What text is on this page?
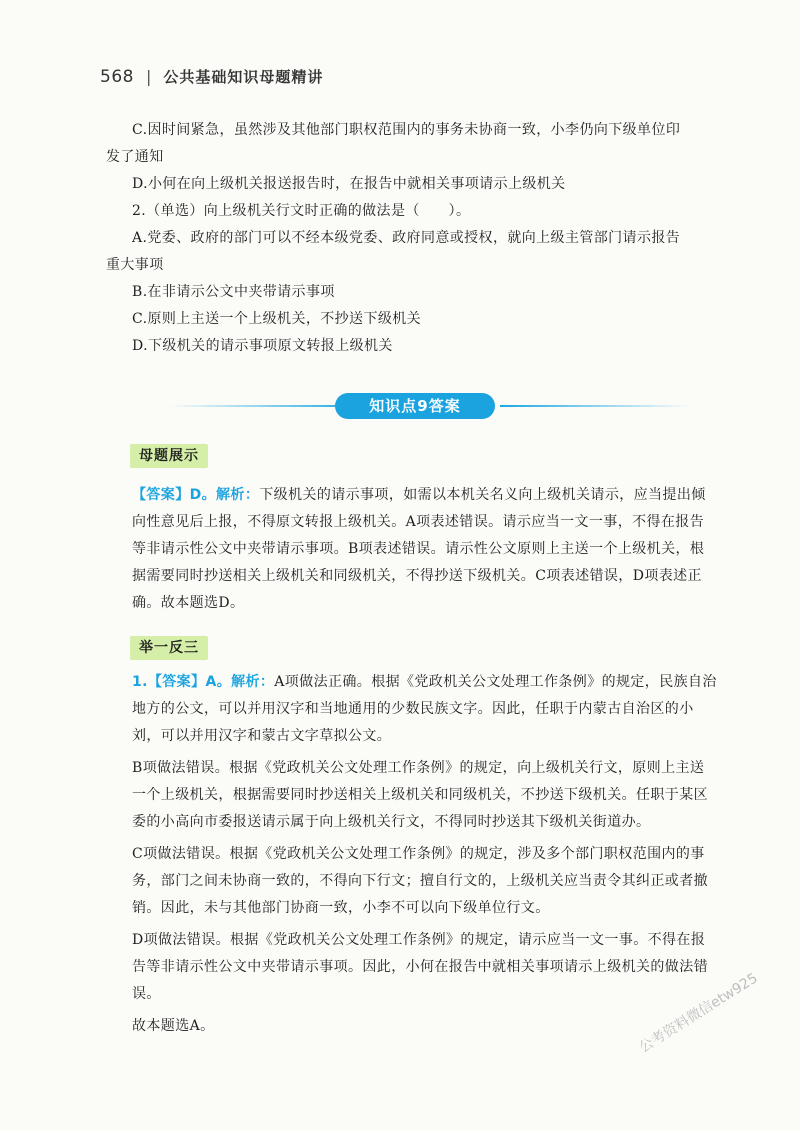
568 | 公共基础知识母题精讲

C.因时间紧急，虽然涉及其他部门职权范围内的事务未协商一致，小李仍向下级单位印

发了通知

D.小何在向上级机关报送报告时，在报告中就相关事项请示上级机关

2.（单选）向上级机关行文时正确的做法是（　　）。

A.党委、政府的部门可以不经本级党委、政府同意或授权，就向上级主管部门请示报告

重大事项

B.在非请示公文中夹带请示事项

C.原则上主送一个上级机关，不抄送下级机关

D.下级机关的请示事项原文转报上级机关

知识点9答案
母题展示

【答案】D。解析：下级机关的请示事项，如需以本机关名义向上级机关请示，应当提出倾向性意见后上报，不得原文转报上级机关。A项表述错误。请示应当一文一事，不得在报告等非请示性公文中夹带请示事项。B项表述错误。请示性公文原则上主送一个上级机关，根据需要同时抄送相关上级机关和同级机关，不得抄送下级机关。C项表述错误，D项表述正确。故本题选D。

举一反三

1.【答案】A。解析：A项做法正确。根据《党政机关公文处理工作条例》的规定，民族自治地方的公文，可以并用汉字和当地通用的少数民族文字。因此，任职于内蒙古自治区的小刘，可以并用汉字和蒙古文字草拟公文。

B项做法错误。根据《党政机关公文处理工作条例》的规定，向上级机关行文，原则上主送一个上级机关，根据需要同时抄送相关上级机关和同级机关，不抄送下级机关。任职于某区委的小高向市委报送请示属于向上级机关行文，不得同时抄送其下级机关街道办。

C项做法错误。根据《党政机关公文处理工作条例》的规定，涉及多个部门职权范围内的事务，部门之间未协商一致的，不得向下行文；擅自行文的，上级机关应当责令其纠正或者撤销。因此，未与其他部门协商一致，小李不可以向下级单位行文。

D项做法错误。根据《党政机关公文处理工作条例》的规定，请示应当一文一事。不得在报告等非请示性公文中夹带请示事项。因此，小何在报告中就相关事项请示上级机关的做法错误。

故本题选A。	公考资料微信etw925
